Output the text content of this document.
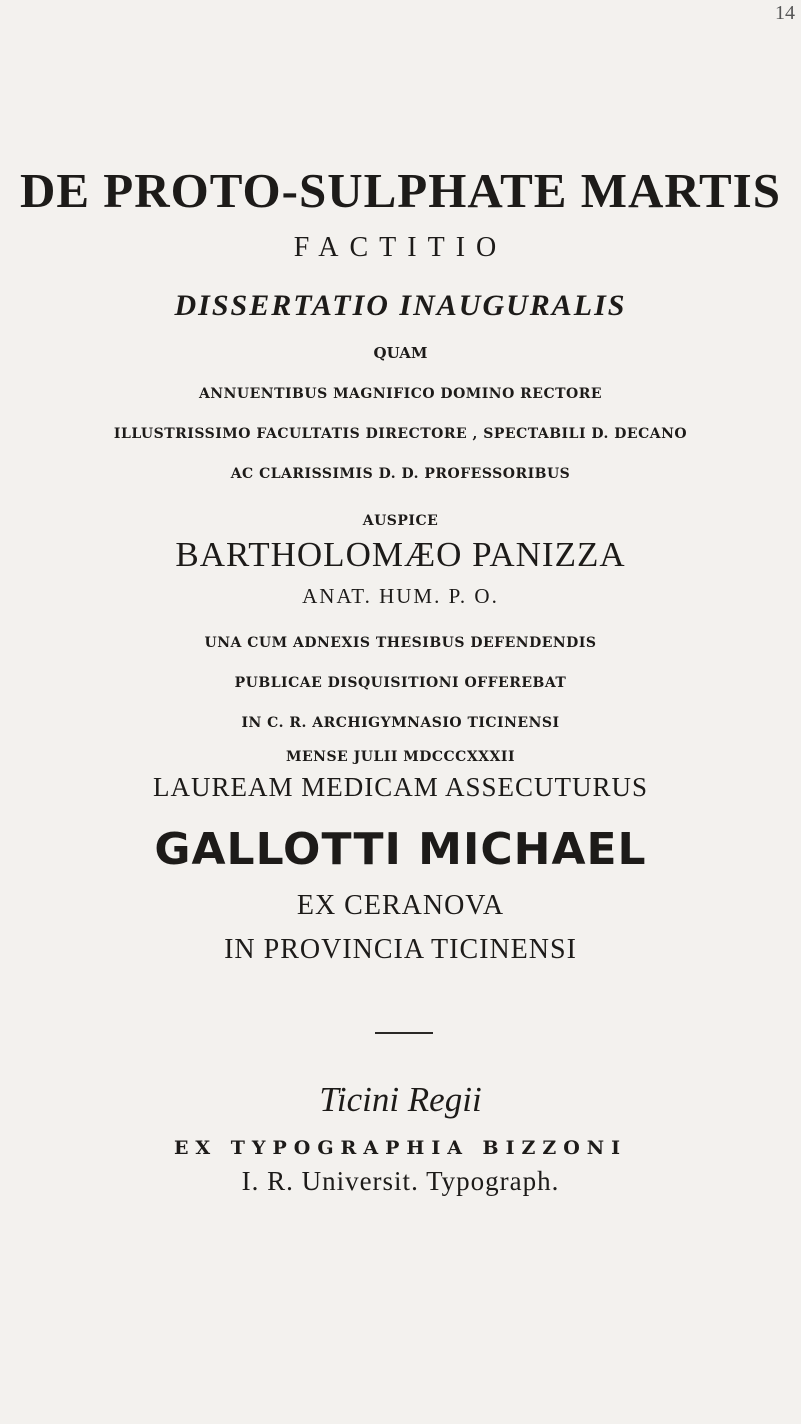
14
DE PROTO-SULPHATE MARTIS
FACTITIO
DISSERTATIO INAUGURALIS
QUAM
ANNUENTIBUS MAGNIFICO DOMINO RECTORE
ILLUSTRISSIMO FACULTATIS DIRECTORE , SPECTABILI D. DECANO
AC CLARISSIMIS D. D. PROFESSORIBUS
AUSPICE
BARTHOLOMÆO PANIZZA
ANAT. HUM. P. O.
UNA CUM ADNEXIS THESIBUS DEFENDENDIS
PUBLICAE DISQUISITIONI OFFEREBAT
IN C. R. ARCHIGYMNASIO TICINENSI
MENSE JULII MDCCCXXXII
LAUREAM MEDICAM ASSECUTURUS
GALLOTTI MICHAEL
EX CERANOVA
IN PROVINCIA TICINENSI
Ticini Regii
EX TYPOGRAPHIA BIZZONI
I. R. Universit. Typograph.
